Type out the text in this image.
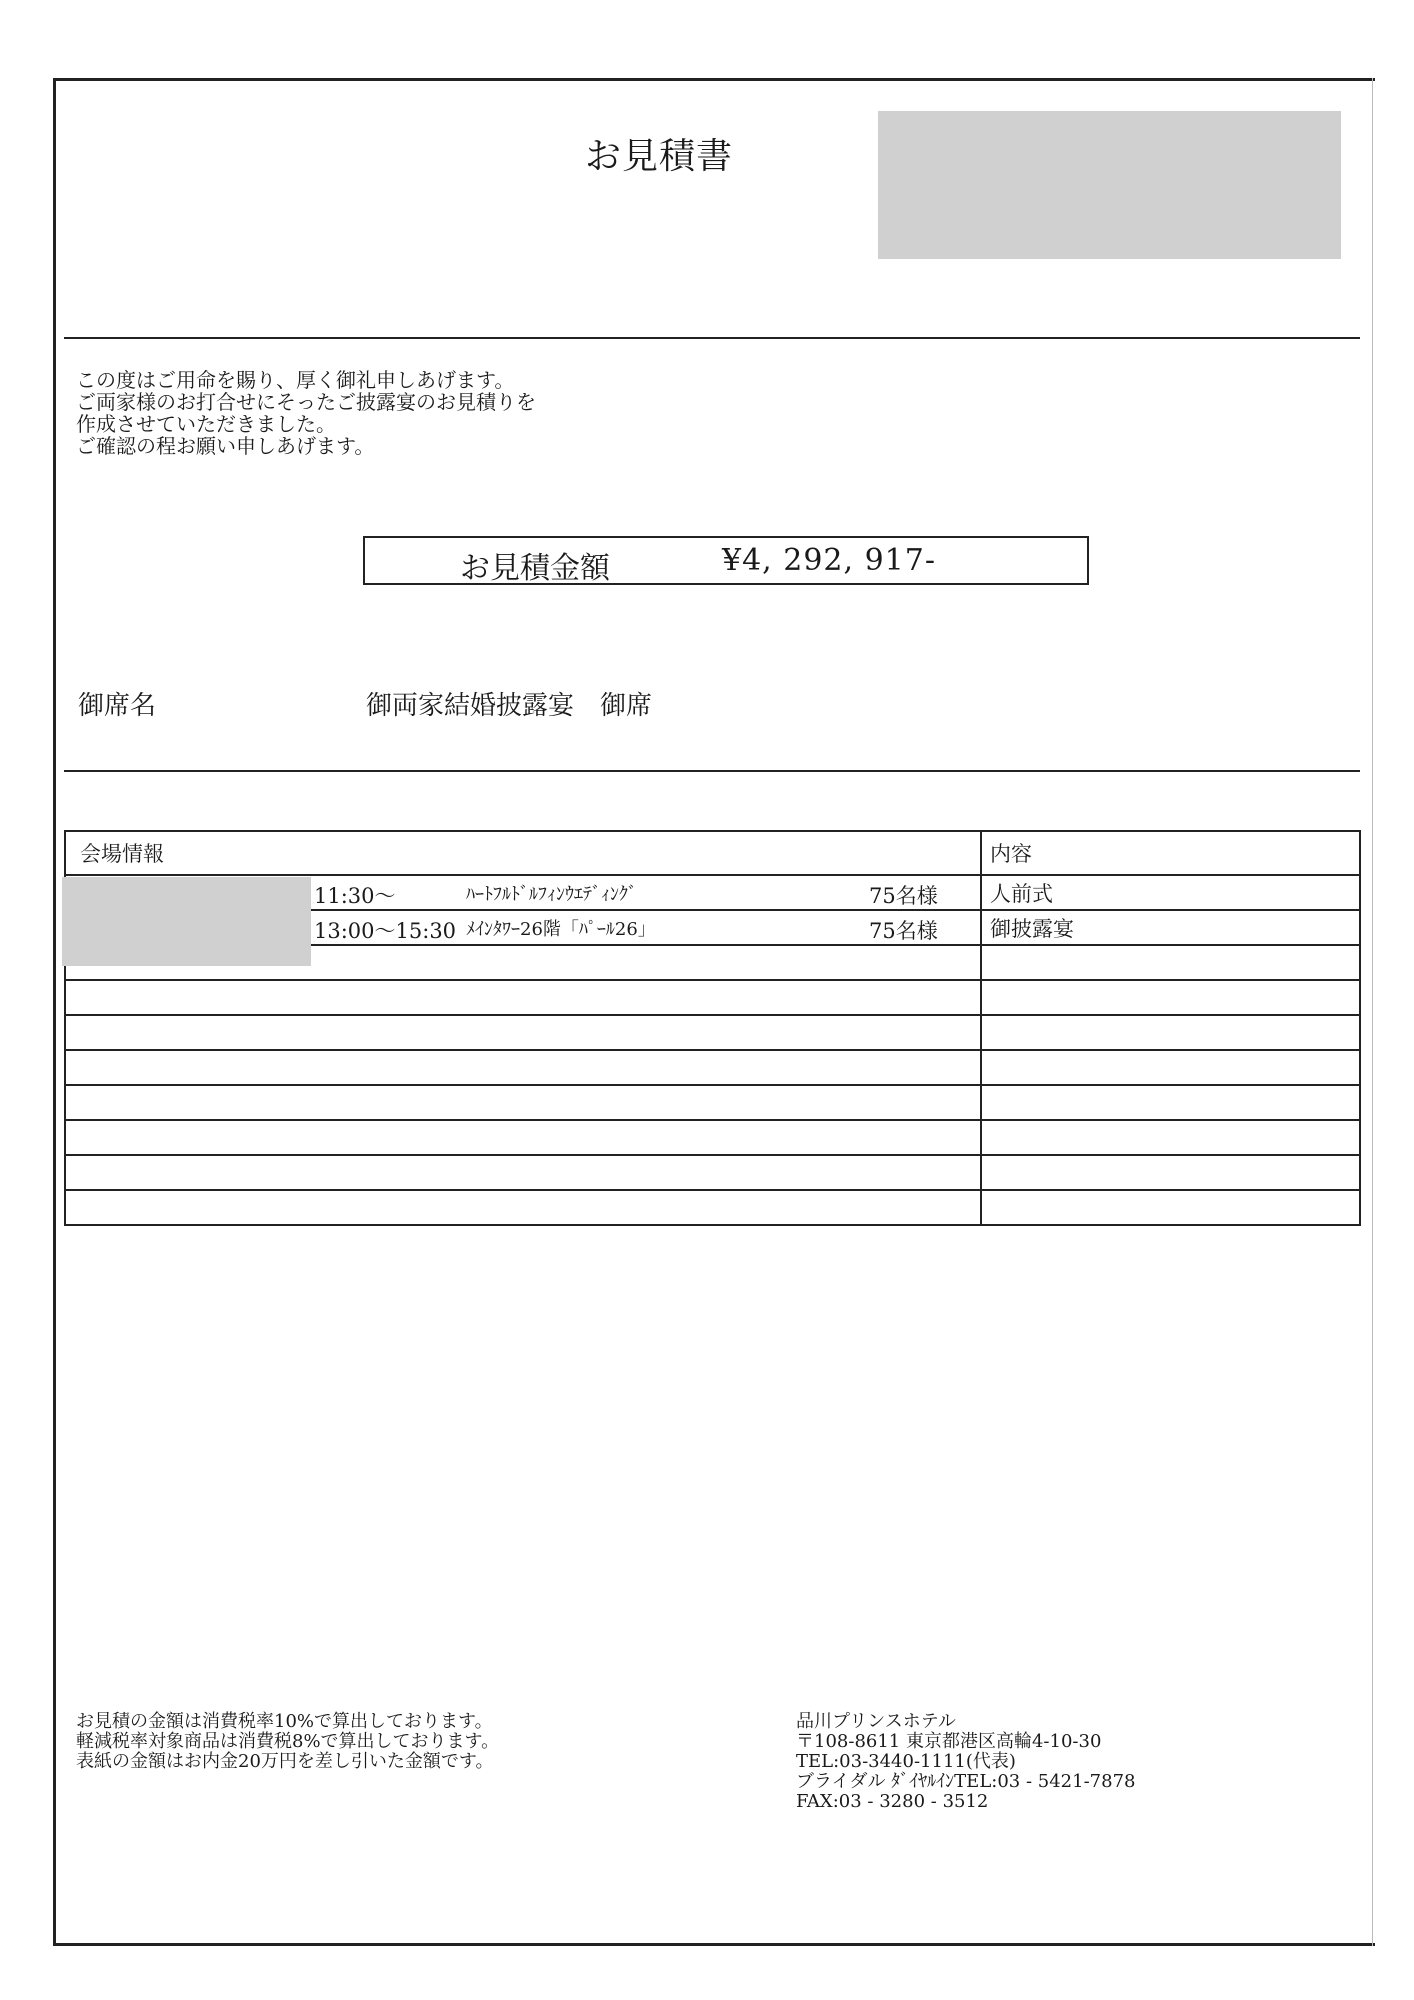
お見積書
この度はご用命を賜り、厚く御礼申しあげます。
ご両家様のお打合せにそったご披露宴のお見積りを
作成させていただきました。
ご確認の程お願い申しあげます。
お見積金額	¥4, 292, 917-
御席名	御両家結婚披露宴　御席
会場情報	内容

11:30～ ﾊｰﾄﾌﾙﾄﾞﾙﾌｨﾝｳｴﾃﾞｨﾝｸﾞ 75名様	人前式

13:00～15:30 ﾒｲﾝﾀﾜｰ26階「ﾊﾟｰﾙ26」 75名様	御披露宴

お見積の金額は消費税率10%で算出しております。
軽減税率対象商品は消費税8%で算出しております。
表紙の金額はお内金20万円を差し引いた金額です。
品川プリンスホテル
〒108-8611 東京都港区高輪4-10-30
TEL:03-3440-1111(代表)
ブライダル ﾀﾞｲﾔﾙｲﾝTEL:03 - 5421-7878
FAX:03 - 3280 - 3512
